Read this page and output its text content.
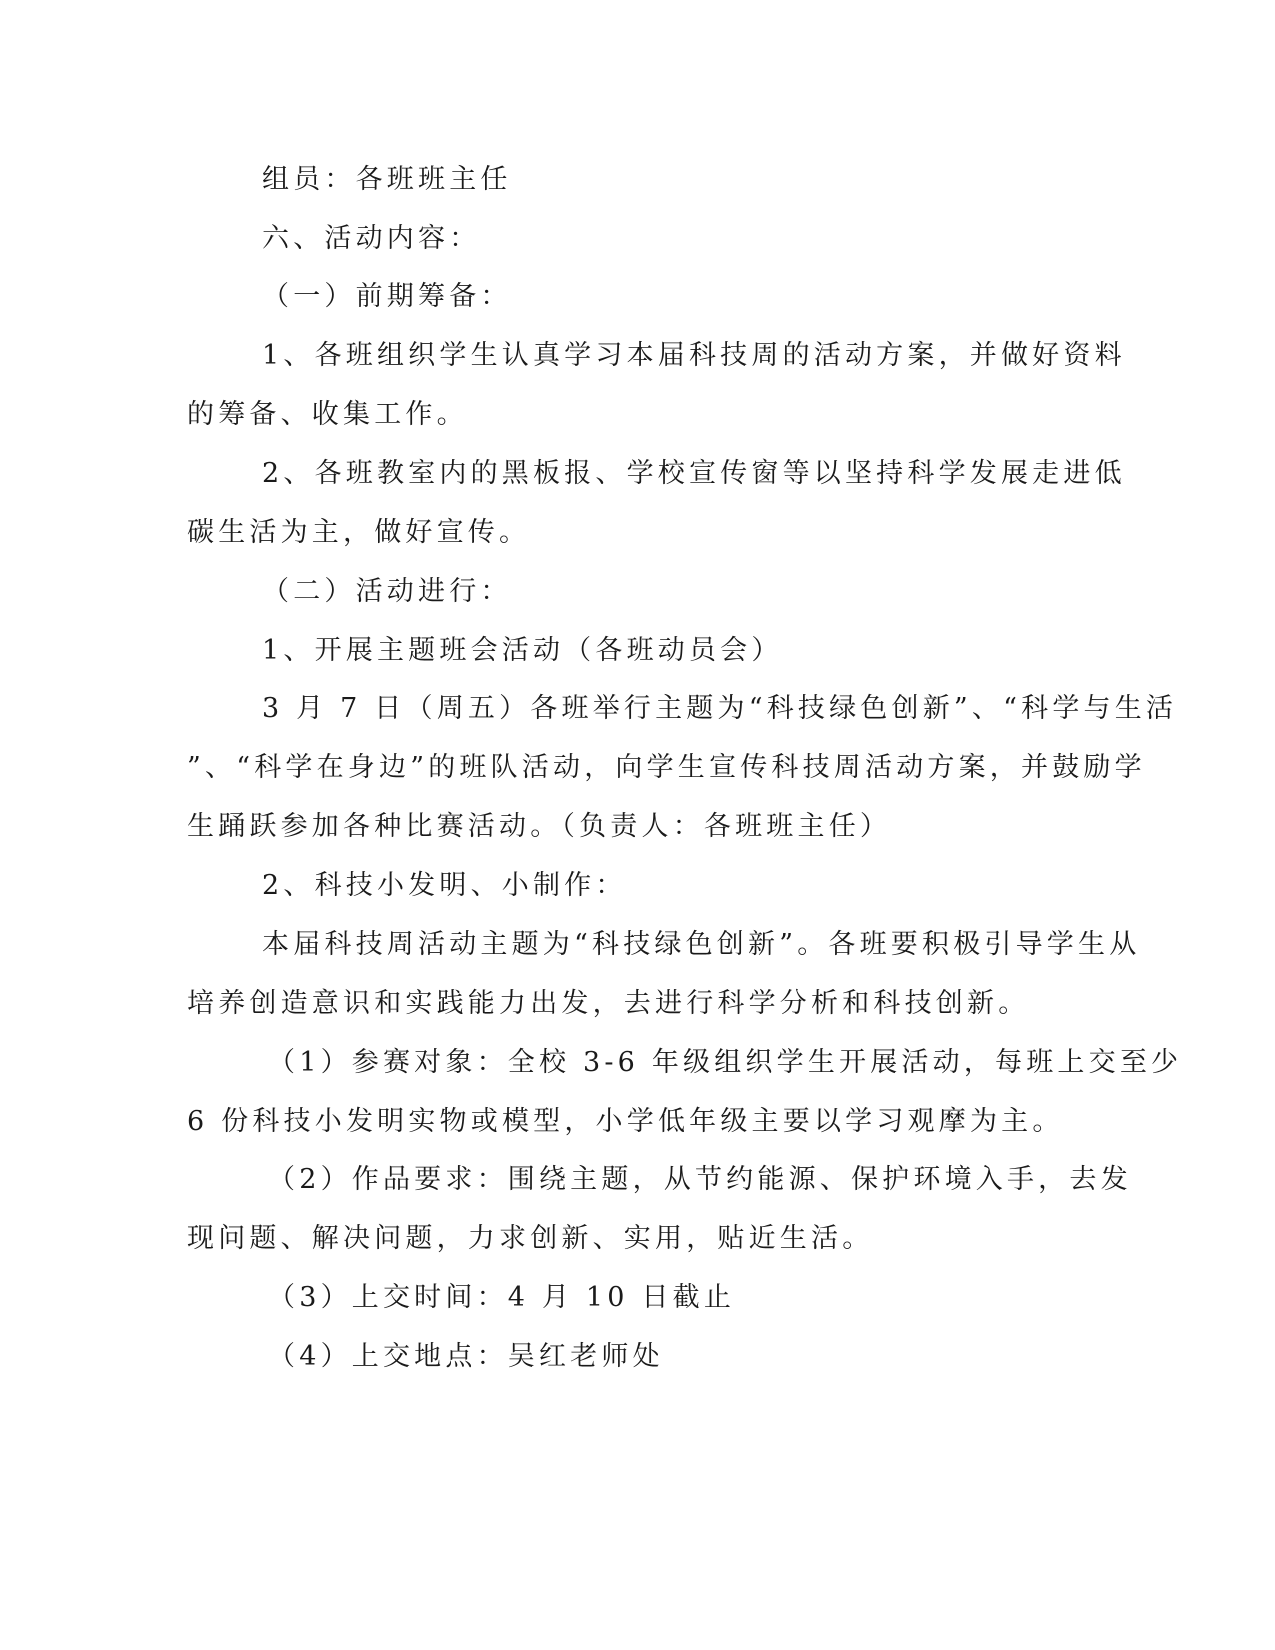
组员：各班班主任
六、活动内容：
（一）前期筹备：
1、各班组织学生认真学习本届科技周的活动方案，并做好资料
的筹备、收集工作。
2、各班教室内的黑板报、学校宣传窗等以坚持科学发展走进低
碳生活为主，做好宣传。
（二）活动进行：
1、开展主题班会活动（各班动员会）
3 月 7 日（周五）各班举行主题为“科技绿色创新”、“科学与生活
”、“科学在身边”的班队活动，向学生宣传科技周活动方案，并鼓励学
生踊跃参加各种比赛活动。（负责人：各班班主任）
2、科技小发明、小制作：
本届科技周活动主题为“科技绿色创新”。各班要积极引导学生从
培养创造意识和实践能力出发，去进行科学分析和科技创新。
（1）参赛对象：全校 3-6 年级组织学生开展活动，每班上交至少
6 份科技小发明实物或模型，小学低年级主要以学习观摩为主。
（2）作品要求：围绕主题，从节约能源、保护环境入手，去发
现问题、解决问题，力求创新、实用，贴近生活。
（3）上交时间：4 月 10 日截止
（4）上交地点：吴红老师处
